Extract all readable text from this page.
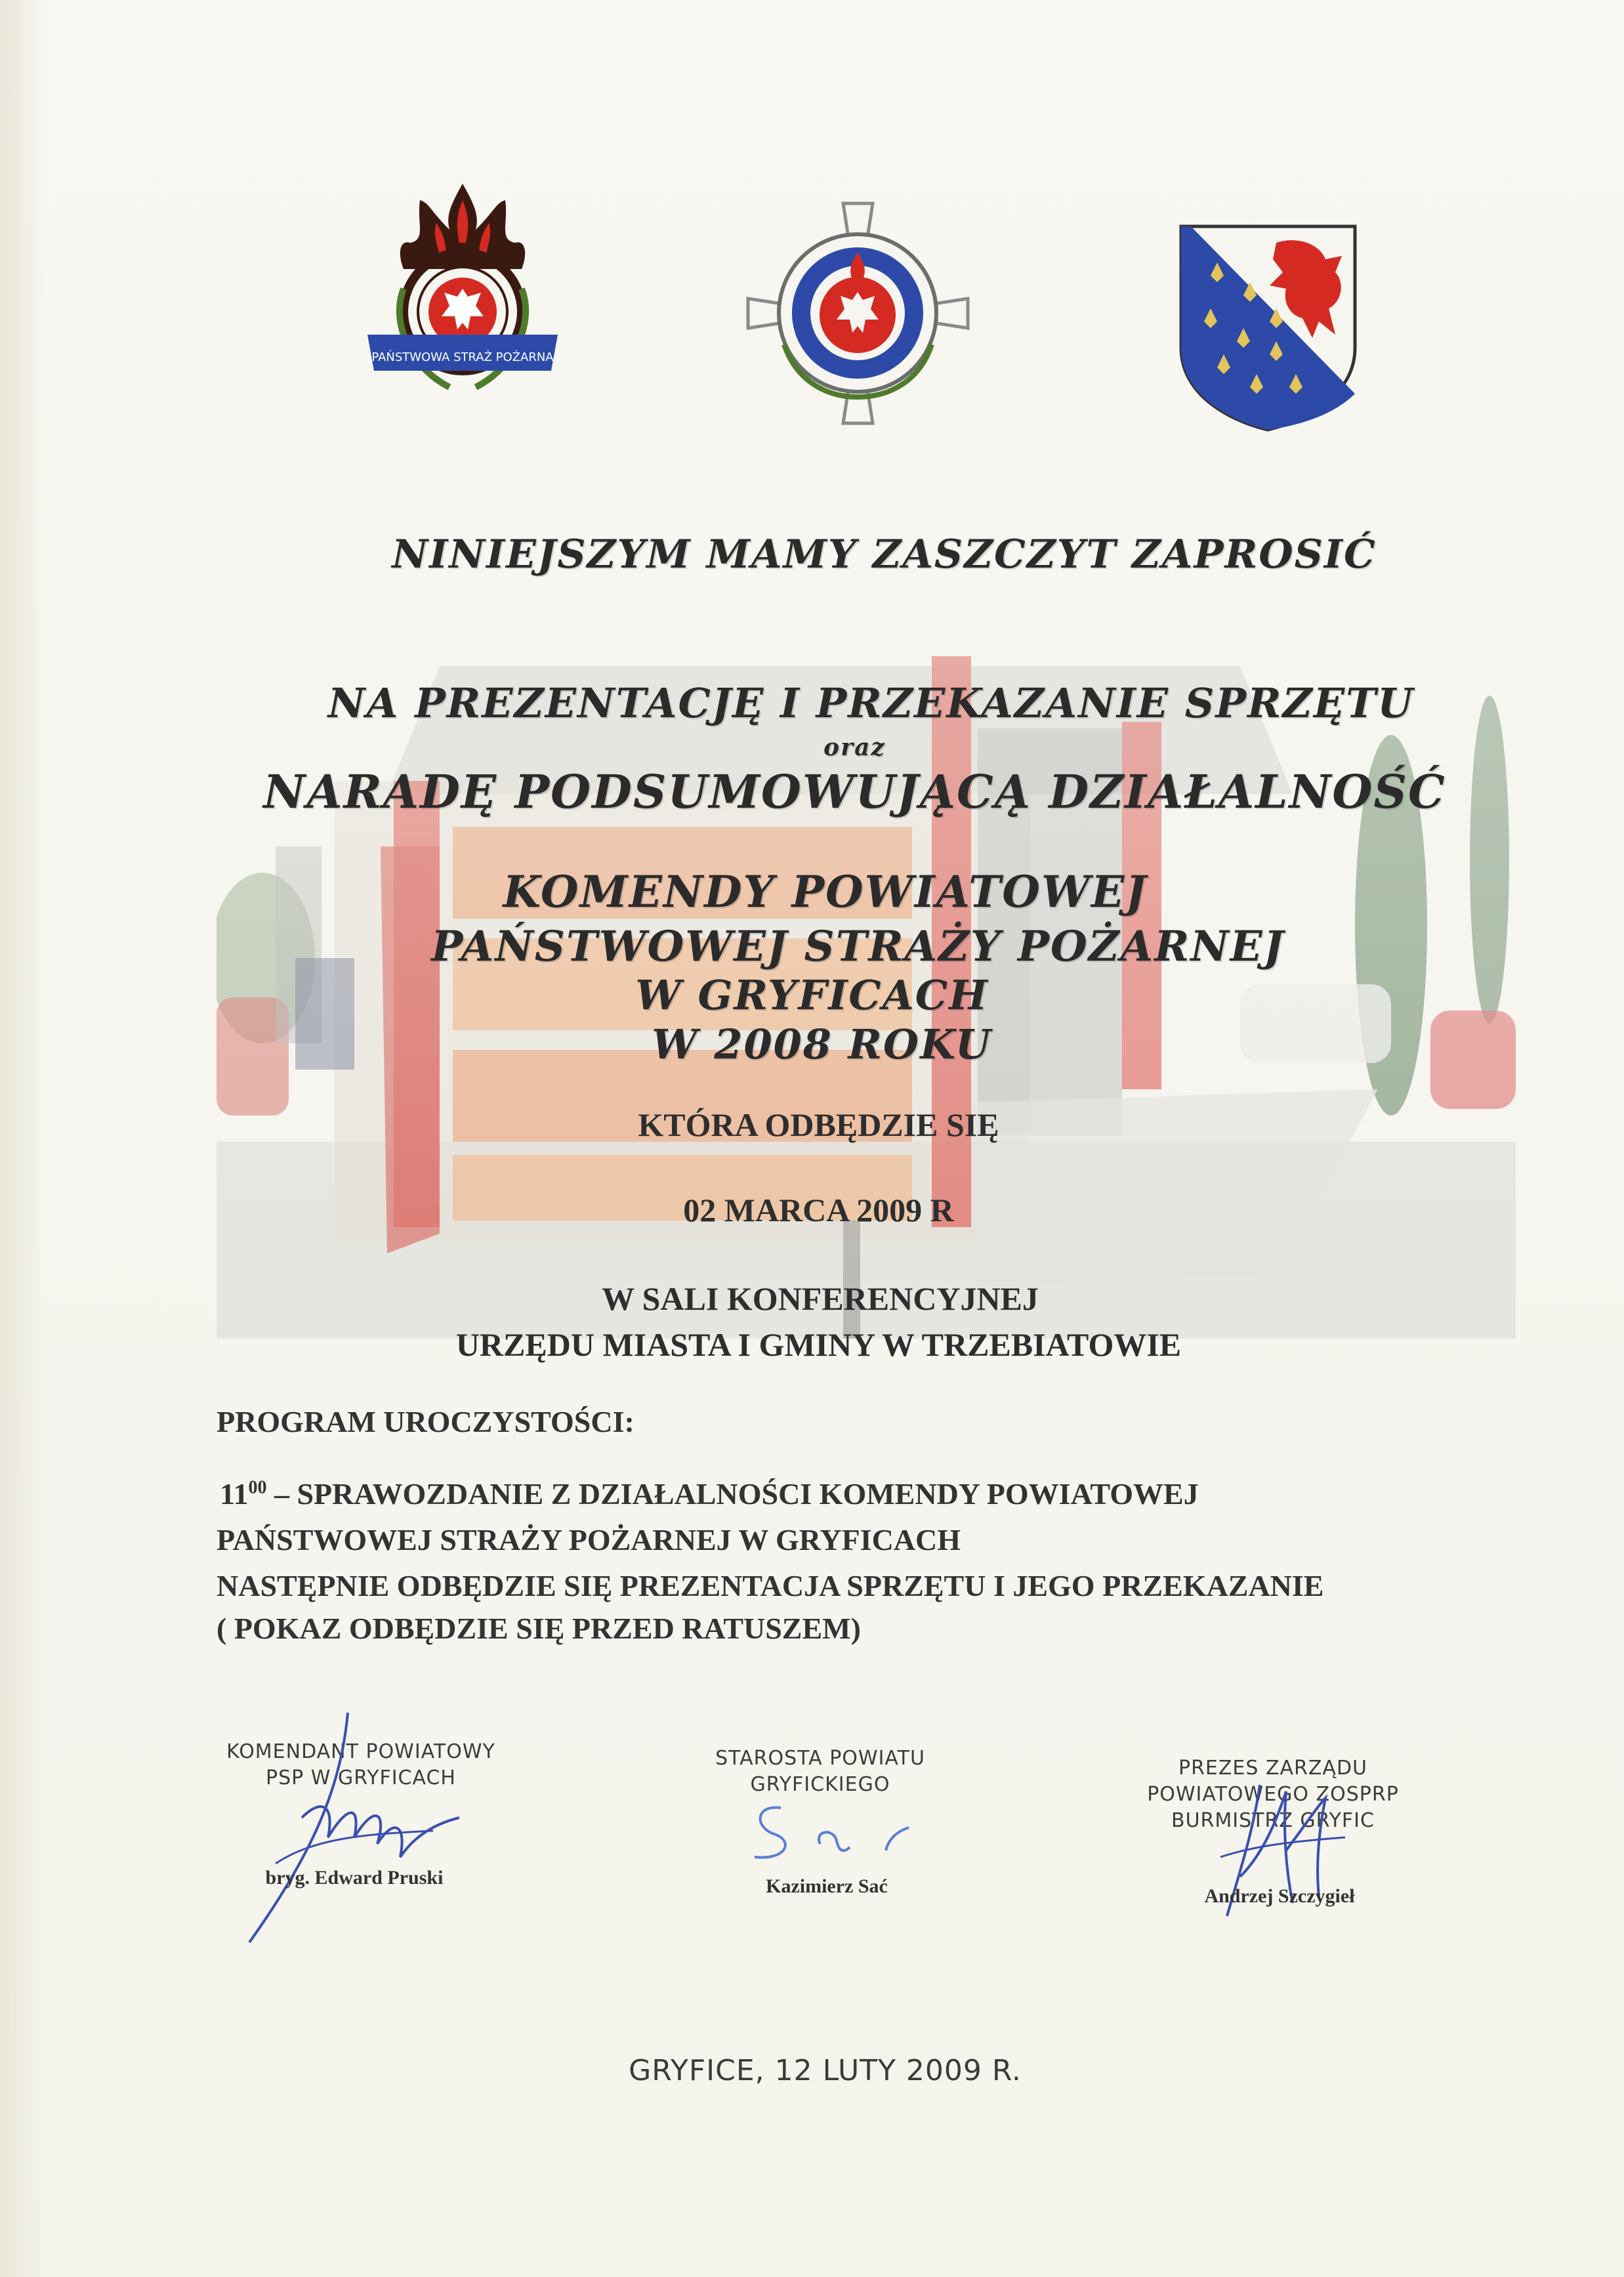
PAŃSTWOWA STRAŻ POŻARNA
NINIEJSZYM MAMY ZASZCZYT ZAPROSIĆ
NA PREZENTACJĘ I PRZEKAZANIE SPRZĘTU
oraz
NARADĘ PODSUMOWUJĄCĄ DZIAŁALNOŚĆ
KOMENDY POWIATOWEJ
PAŃSTWOWEJ STRAŻY POŻARNEJ
W GRYFICACH
W 2008 ROKU
KTÓRA ODBĘDZIE SIĘ
02 MARCA 2009 R
W SALI KONFERENCYJNEJ
URZĘDU MIASTA I GMINY W TRZEBIATOWIE
PROGRAM UROCZYSTOŚCI:
$11^{00}$ – SPRAWOZDANIE Z DZIAŁALNOŚCI KOMENDY POWIATOWEJ
PAŃSTWOWEJ STRAŻY POŻARNEJ W GRYFICACH
NASTĘPNIE ODBĘDZIE SIĘ PREZENTACJA SPRZĘTU I JEGO PRZEKAZANIE
( POKAZ ODBĘDZIE SIĘ PRZED RATUSZEM)
KOMENDANT POWIATOWY
PSP W GRYFICACH
STAROSTA POWIATU
GRYFICKIEGO
PREZES ZARZĄDU
POWIATOWEGO ZOSPRP
BURMISTRZ GRYFIC
bryg. Edward Pruski	Kazimierz Sać	Andrzej Szczygieł
GRYFICE, 12 LUTY 2009 R.
